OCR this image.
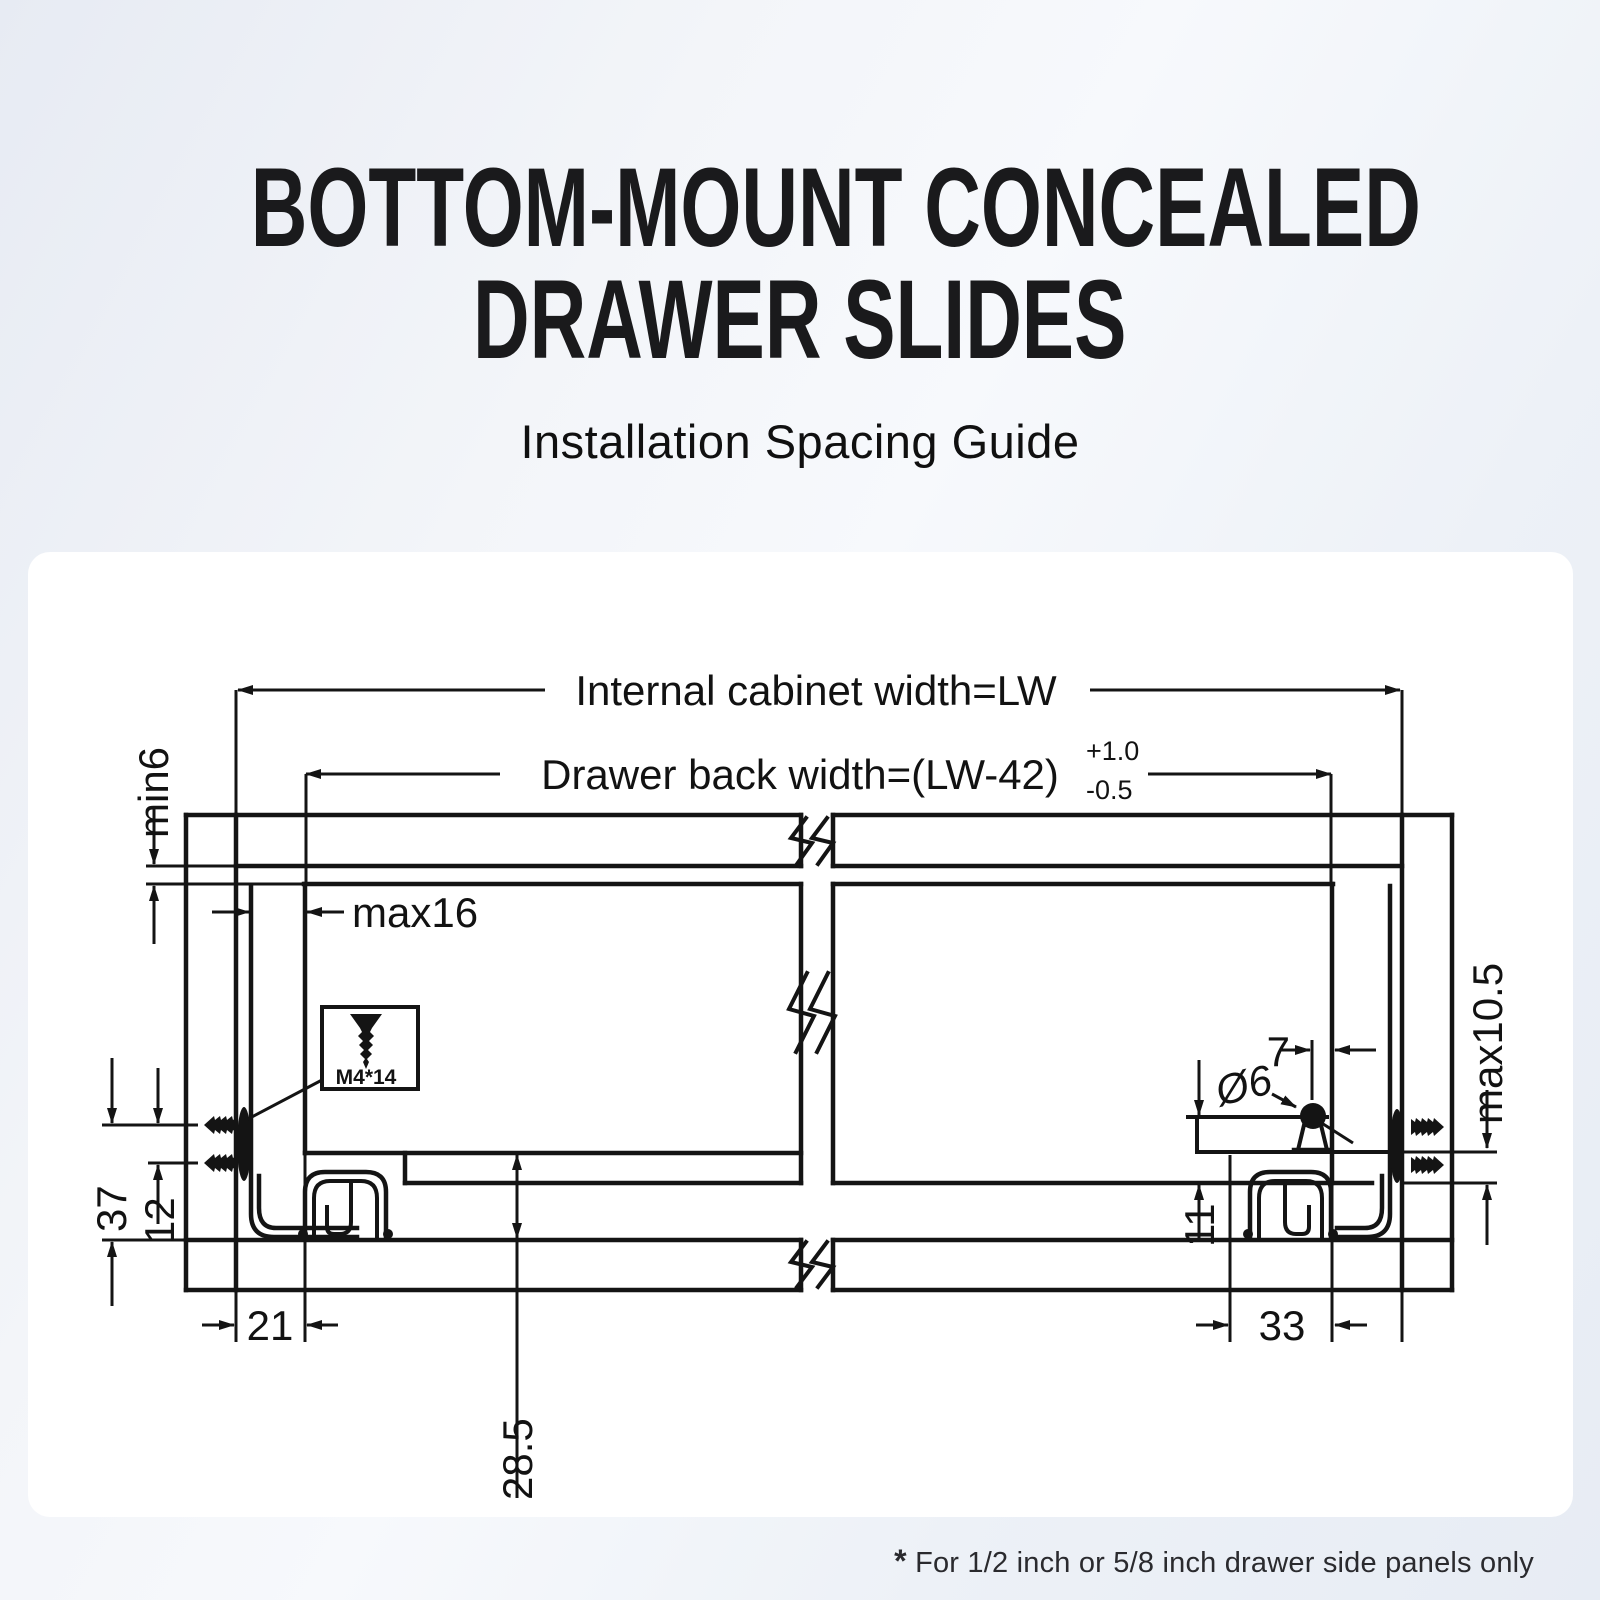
BOTTOM-MOUNT CONCEALED
DRAWER SLIDES
Installation Spacing Guide
Internal cabinet width=LW
Drawer back width=(LW-42) +1.0
-0.5
M4*14
min6
max16
37 12
21
28.5
7
Ø6
11
33
max10.5
* For 1/2 inch or 5/8 inch drawer side panels only
